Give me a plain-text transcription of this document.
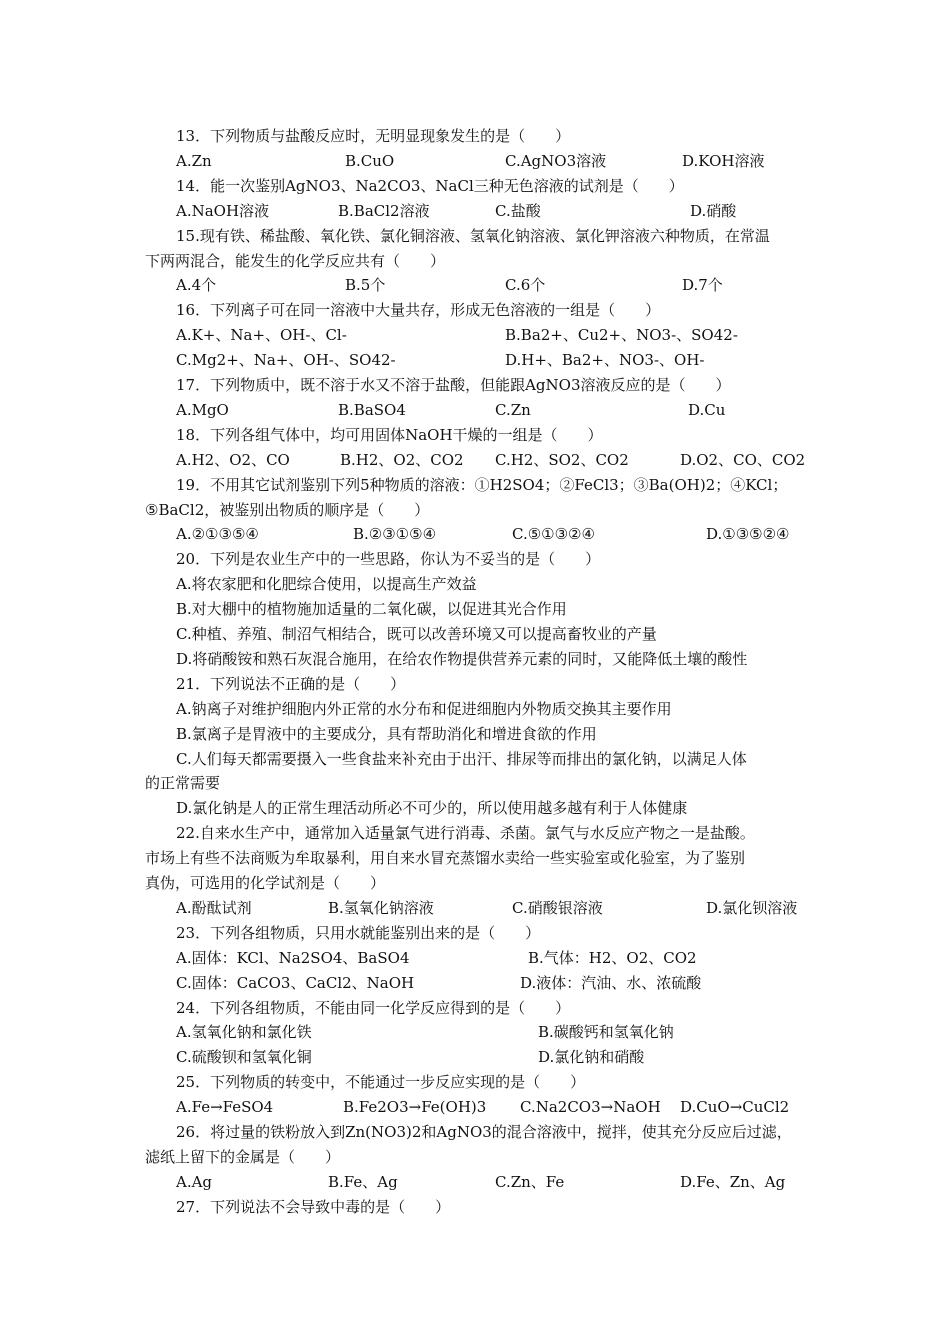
13．下列物质与盐酸反应时，无明显现象发生的是（　　）
A.Zn	B.CuO	C.AgNO3溶液	D.KOH溶液
14．能一次鉴别AgNO3、Na2CO3、NaCl三种无色溶液的试剂是（　　）
A.NaOH溶液	B.BaCl2溶液	C.盐酸	D.硝酸
15.现有铁、稀盐酸、氧化铁、氯化铜溶液、氢氧化钠溶液、氯化钾溶液六种物质，在常温
下两两混合，能发生的化学反应共有（　　）
A.4个	B.5个	C.6个	D.7个
16．下列离子可在同一溶液中大量共存，形成无色溶液的一组是（　　）
A.K+、Na+、OH-、Cl-	B.Ba2+、Cu2+、NO3-、SO42-
C.Mg2+、Na+、OH-、SO42-	D.H+、Ba2+、NO3-、OH-
17．下列物质中，既不溶于水又不溶于盐酸，但能跟AgNO3溶液反应的是（　　）
A.MgO	B.BaSO4	C.Zn	D.Cu
18．下列各组气体中，均可用固体NaOH干燥的一组是（　　）
A.H2、O2、CO	B.H2、O2、CO2 C.H2、SO2、CO2	D.O2、CO、CO2
19．不用其它试剂鉴别下列5种物质的溶液：①H2SO4；②FeCl3；③Ba(OH)2；④KCl；
⑤BaCl2，被鉴别出物质的顺序是（　　）
A.②①③⑤④	B.②③①⑤④	C.⑤①③②④	D.①③⑤②④
20．下列是农业生产中的一些思路，你认为不妥当的是（　　）
A.将农家肥和化肥综合使用，以提高生产效益
B.对大棚中的植物施加适量的二氧化碳，以促进其光合作用
C.种植、养殖、制沼气相结合，既可以改善环境又可以提高畜牧业的产量
D.将硝酸铵和熟石灰混合施用，在给农作物提供营养元素的同时，又能降低土壤的酸性
21．下列说法不正确的是（　　）
A.钠离子对维护细胞内外正常的水分布和促进细胞内外物质交换其主要作用
B.氯离子是胃液中的主要成分，具有帮助消化和增进食欲的作用
C.人们每天都需要摄入一些食盐来补充由于出汗、排尿等而排出的氯化钠，以满足人体
的正常需要
D.氯化钠是人的正常生理活动所必不可少的，所以使用越多越有利于人体健康
22.自来水生产中，通常加入适量氯气进行消毒、杀菌。氯气与水反应产物之一是盐酸。
市场上有些不法商贩为牟取暴利，用自来水冒充蒸馏水卖给一些实验室或化验室，为了鉴别
真伪，可选用的化学试剂是（　　）
A.酚酞试剂	B.氢氧化钠溶液	C.硝酸银溶液	D.氯化钡溶液
23．下列各组物质，只用水就能鉴别出来的是（　　）
A.固体：KCl、Na2SO4、BaSO4	B.气体：H2、O2、CO2
C.固体：CaCO3、CaCl2、NaOH	D.液体：汽油、水、浓硫酸
24．下列各组物质，不能由同一化学反应得到的是（　　）
A.氢氧化钠和氯化铁	B.碳酸钙和氢氧化钠
C.硫酸钡和氢氧化铜	D.氯化钠和硝酸
25．下列物质的转变中，不能通过一步反应实现的是（　　）
A.Fe→FeSO4	B.Fe2O3→Fe(OH)3 C.Na2CO3→NaOH D.CuO→CuCl2
26．将过量的铁粉放入到Zn(NO3)2和AgNO3的混合溶液中，搅拌，使其充分反应后过滤，
滤纸上留下的金属是（　　）
A.Ag	B.Fe、Ag	C.Zn、Fe	D.Fe、Zn、Ag
27．下列说法不会导致中毒的是（　　）
